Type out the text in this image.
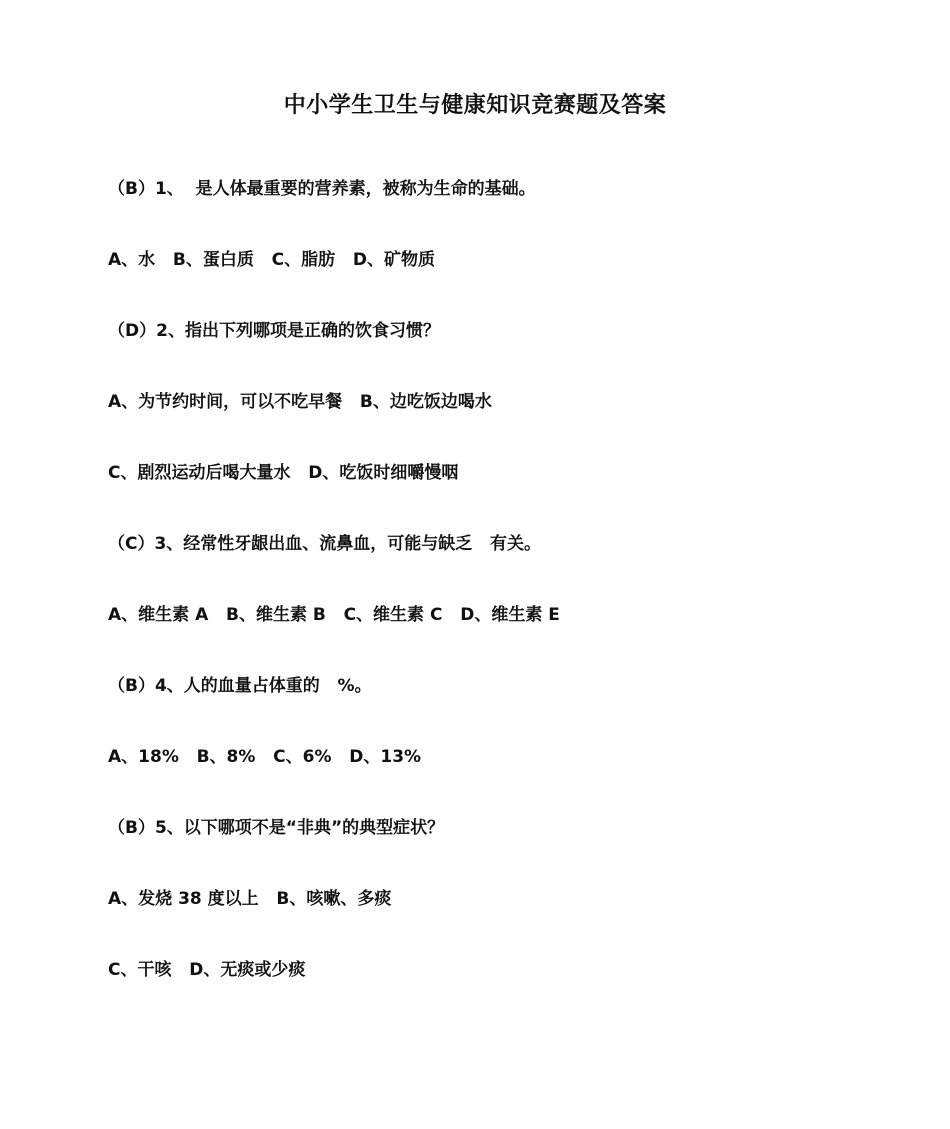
中小学生卫生与健康知识竞赛题及答案
（B）1、  是人体最重要的营养素，被称为生命的基础。
A、水   B、蛋白质   C、脂肪   D、矿物质
（D）2、指出下列哪项是正确的饮食习惯？
A、为节约时间，可以不吃早餐   B、边吃饭边喝水
C、剧烈运动后喝大量水   D、吃饭时细嚼慢咽
（C）3、经常性牙龈出血、流鼻血，可能与缺乏   有关。
A、维生素 A   B、维生素 B   C、维生素 C   D、维生素 E
（B）4、人的血量占体重的   %。
A、18%   B、8%   C、6%   D、13%
（B）5、以下哪项不是“非典”的典型症状？
A、发烧 38 度以上   B、咳嗽、多痰
C、干咳   D、无痰或少痰
